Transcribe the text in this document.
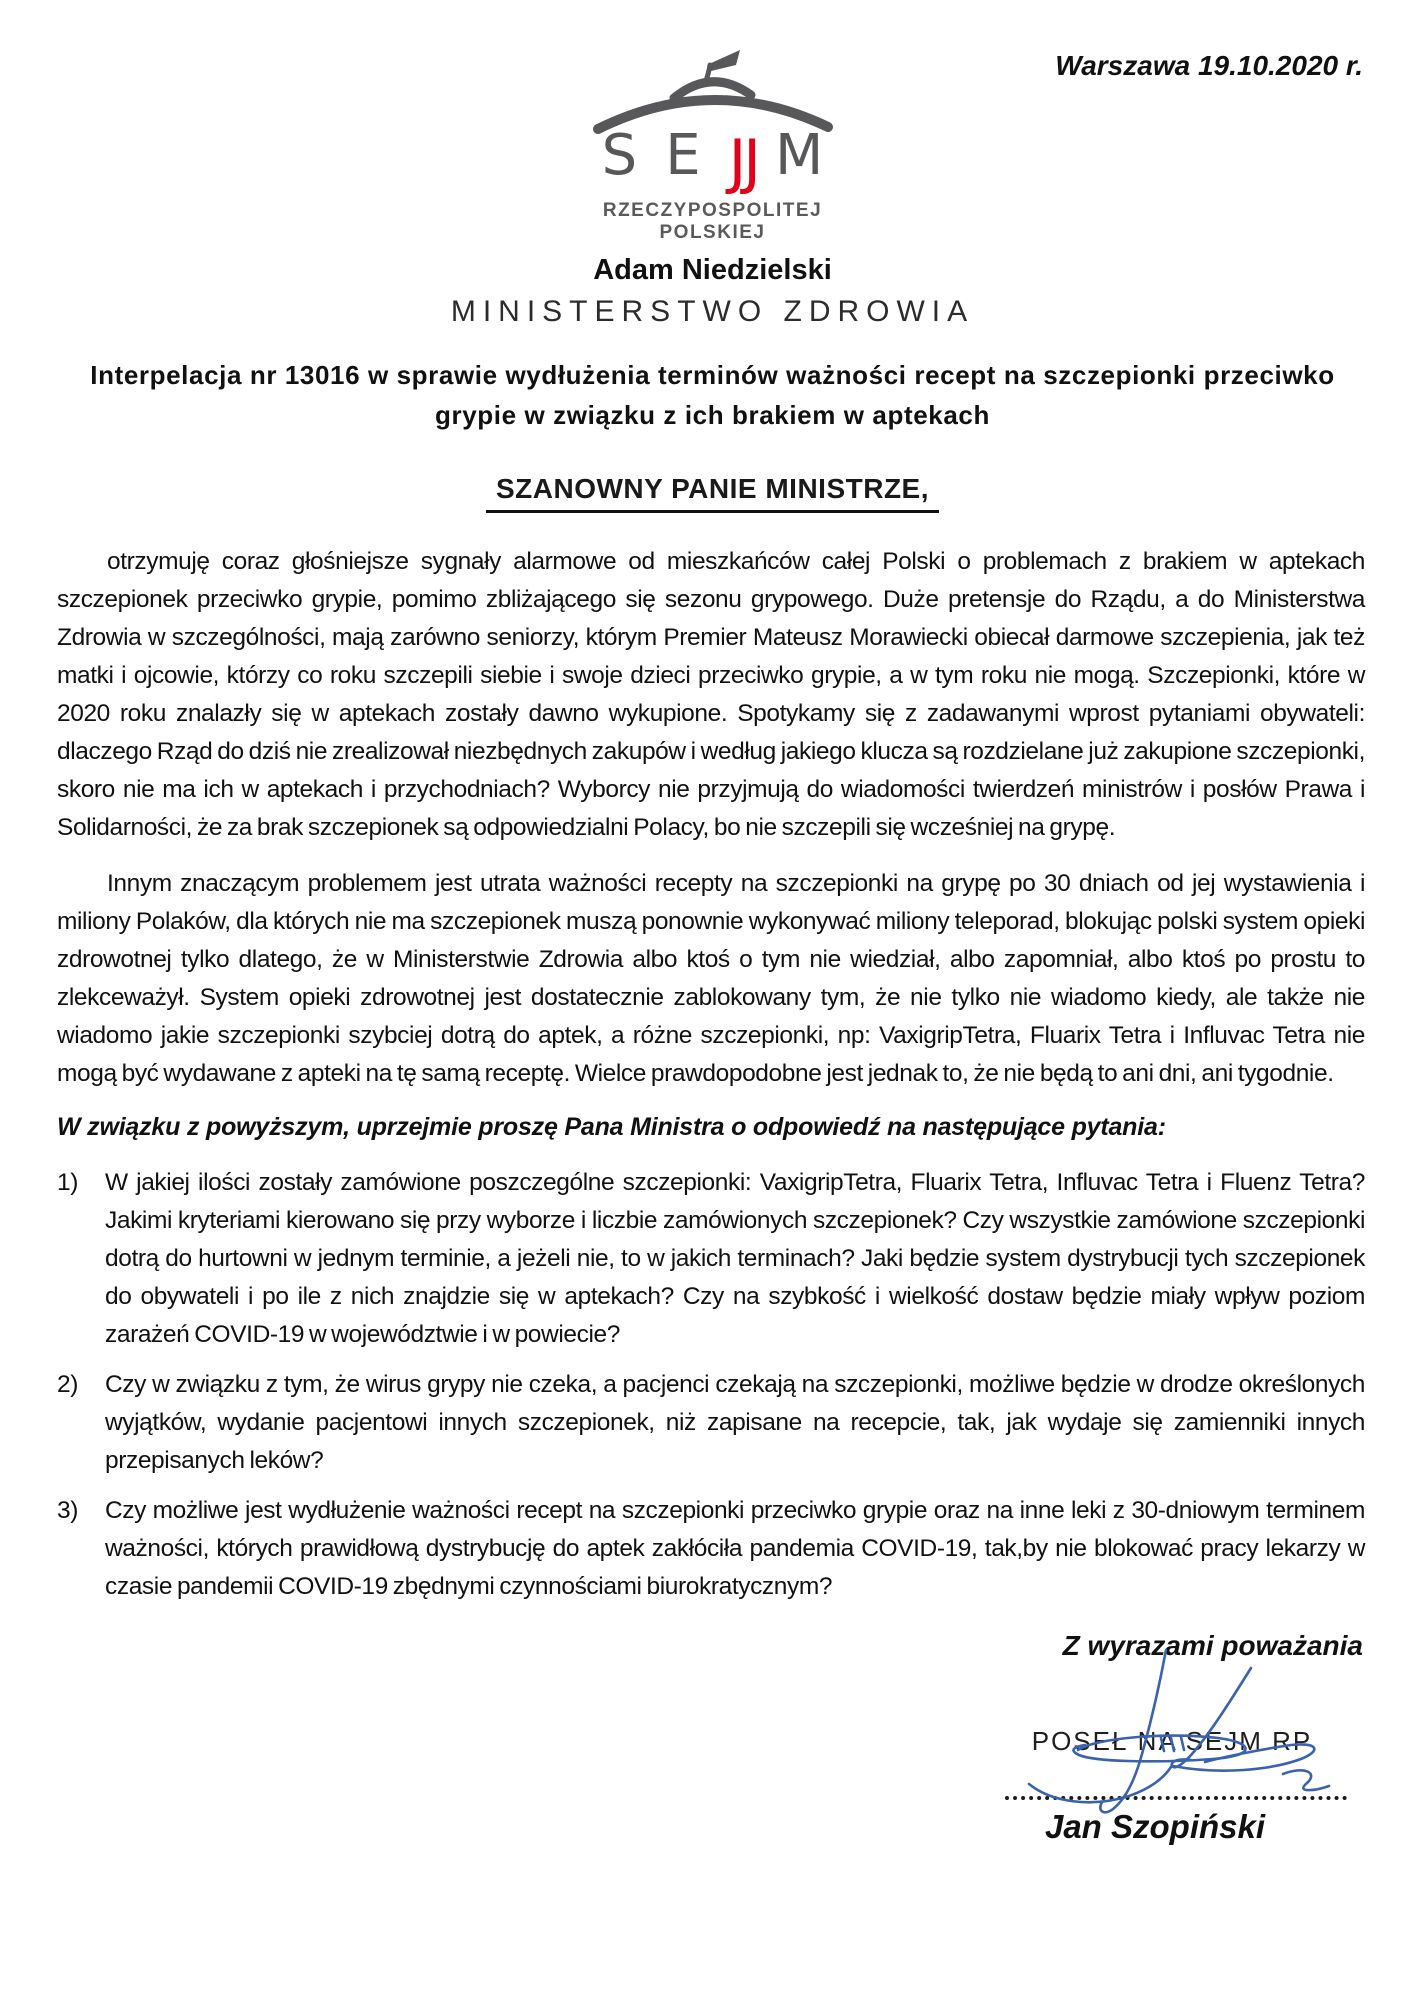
Warszawa 19.10.2020 r.
S E J
J M
RZECZYPOSPOLITEJ POLSKIEJ
Adam Niedzielski
MINISTERSTWO ZDROWIA
Interpelacja nr 13016 w sprawie wydłużenia terminów ważności recept na szczepionki przeciwko grypie w związku z ich brakiem w aptekach
SZANOWNY PANIE MINISTRZE,

otrzymuję coraz głośniejsze sygnały alarmowe od mieszkańców całej Polski o problemach z brakiem w aptekach szczepionek przeciwko grypie, pomimo zbliżającego się sezonu grypowego. Duże pretensje do Rządu, a do Ministerstwa Zdrowia w szczególności, mają zarówno seniorzy, którym Premier Mateusz Morawiecki obiecał darmowe szczepienia, jak też matki i ojcowie, którzy co roku szczepili siebie i swoje dzieci przeciwko grypie, a w tym roku nie mogą. Szczepionki, które w 2020 roku znalazły się w aptekach zostały dawno wykupione. Spotykamy się z zadawanymi wprost pytaniami obywateli: dlaczego Rząd do dziś nie zrealizował niezbędnych zakupów i według jakiego klucza są rozdzielane już zakupione szczepionki, skoro nie ma ich w aptekach i przychodniach? Wyborcy nie przyjmują do wiadomości twierdzeń ministrów i posłów Prawa i Solidarności, że za brak szczepionek są odpowiedzialni Polacy, bo nie szczepili się wcześniej na grypę.

Innym znaczącym problemem jest utrata ważności recepty na szczepionki na grypę po 30 dniach od jej wystawienia i miliony Polaków, dla których nie ma szczepionek muszą ponownie wykonywać miliony teleporad, blokując polski system opieki zdrowotnej tylko dlatego, że w Ministerstwie Zdrowia albo ktoś o tym nie wiedział, albo zapomniał, albo ktoś po prostu to zlekceważył. System opieki zdrowotnej jest dostatecznie zablokowany tym, że nie tylko nie wiadomo kiedy, ale także nie wiadomo jakie szczepionki szybciej dotrą do aptek, a różne szczepionki, np: VaxigripTetra, Fluarix Tetra i Influvac Tetra nie mogą być wydawane z apteki na tę samą receptę. Wielce prawdopodobne jest jednak to, że nie będą to ani dni, ani tygodnie.

W związku z powyższym, uprzejmie proszę Pana Ministra o odpowiedź na następujące pytania:

1)	W jakiej ilości zostały zamówione poszczególne szczepionki: VaxigripTetra, Fluarix Tetra, Influvac Tetra i Fluenz Tetra? Jakimi kryteriami kierowano się przy wyborze i liczbie zamówionych szczepionek? Czy wszystkie zamówione szczepionki dotrą do hurtowni w jednym terminie, a jeżeli nie, to w jakich terminach? Jaki będzie system dystrybucji tych szczepionek do obywateli i po ile z nich znajdzie się w aptekach? Czy na szybkość i wielkość dostaw będzie miały wpływ poziom zarażeń COVID-19 w województwie i w powiecie?
2)	Czy w związku z tym, że wirus grypy nie czeka, a pacjenci czekają na szczepionki, możliwe będzie w drodze określonych wyjątków, wydanie pacjentowi innych szczepionek, niż zapisane na recepcie, tak, jak wydaje się zamienniki innych przepisanych leków?
3)	Czy możliwe jest wydłużenie ważności recept na szczepionki przeciwko grypie oraz na inne leki z 30-dniowym terminem ważności, których prawidłową dystrybucję do aptek zakłóciła pandemia COVID-19, tak,by nie blokować pracy lekarzy w czasie pandemii COVID-19 zbędnymi czynnościami biurokratycznym?
Z wyrazami poważania
POSEŁ NA SEJM RP
Jan Szopiński
